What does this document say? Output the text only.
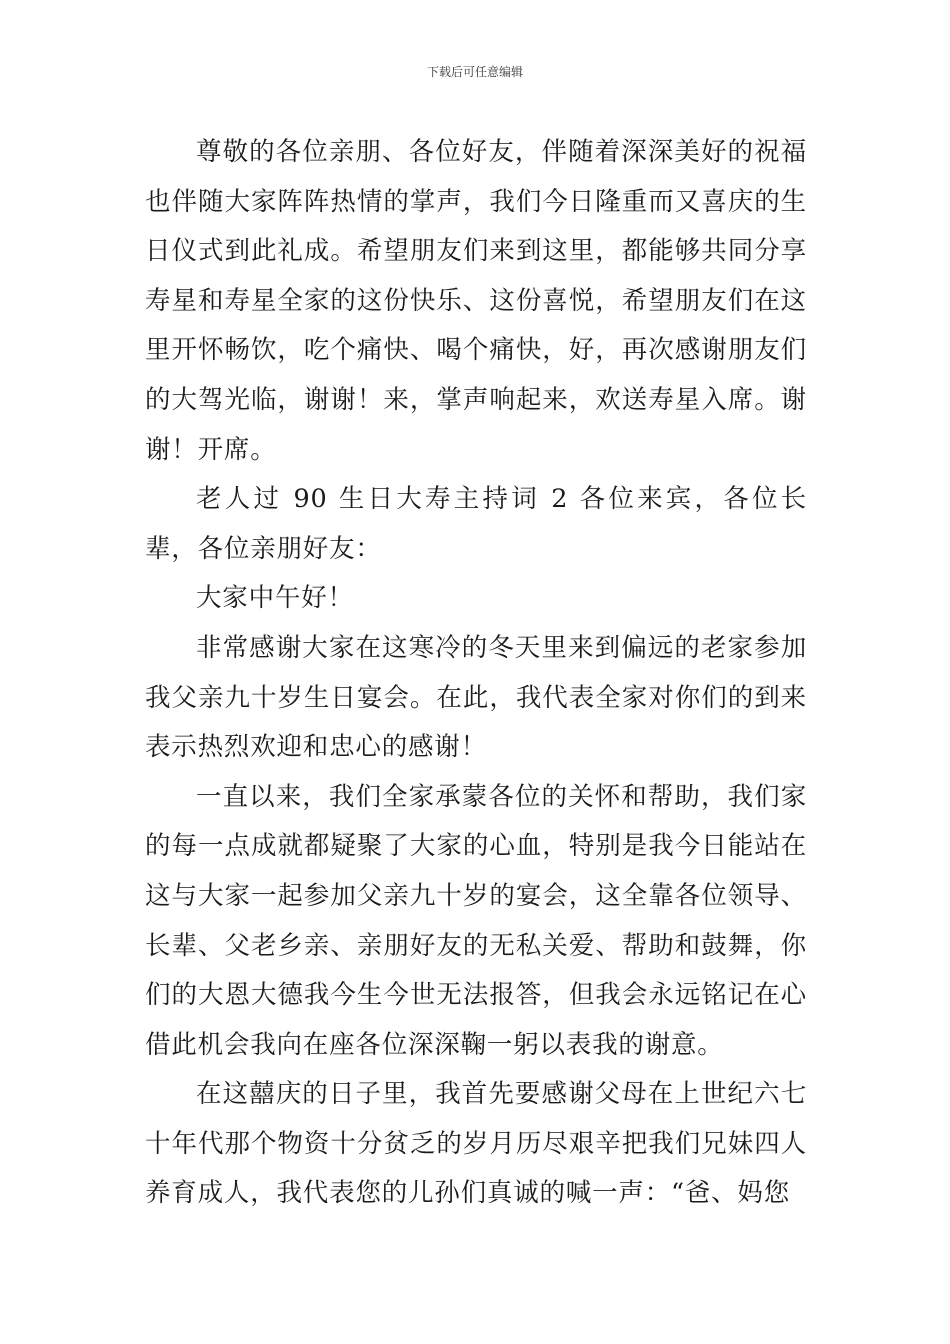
下载后可任意编辑

尊敬的各位亲朋、各位好友，伴随着深深美好的祝福也伴随大家阵阵热情的掌声，我们今日隆重而又喜庆的生日仪式到此礼成。希望朋友们来到这里，都能够共同分享寿星和寿星全家的这份快乐、这份喜悦，希望朋友们在这里开怀畅饮，吃个痛快、喝个痛快，好，再次感谢朋友们的大驾光临，谢谢！来，掌声响起来，欢送寿星入席。谢谢！开席。

老人过 90 生日大寿主持词 2 各位来宾，各位长辈，各位亲朋好友：

大家中午好！

非常感谢大家在这寒冷的冬天里来到偏远的老家参加我父亲九十岁生日宴会。在此，我代表全家对你们的到来表示热烈欢迎和忠心的感谢！

一直以来，我们全家承蒙各位的关怀和帮助，我们家的每一点成就都疑聚了大家的心血，特别是我今日能站在这与大家一起参加父亲九十岁的宴会，这全靠各位领导、长辈、父老乡亲、亲朋好友的无私关爱、帮助和鼓舞，你们的大恩大德我今生今世无法报答，但我会永远铭记在心借此机会我向在座各位深深鞠一躬以表我的谢意。

在这囍庆的日子里，我首先要感谢父母在上世纪六七十年代那个物资十分贫乏的岁月历尽艰辛把我们兄妹四人养育成人，我代表您的儿孙们真诚的喊一声：“爸、妈您
